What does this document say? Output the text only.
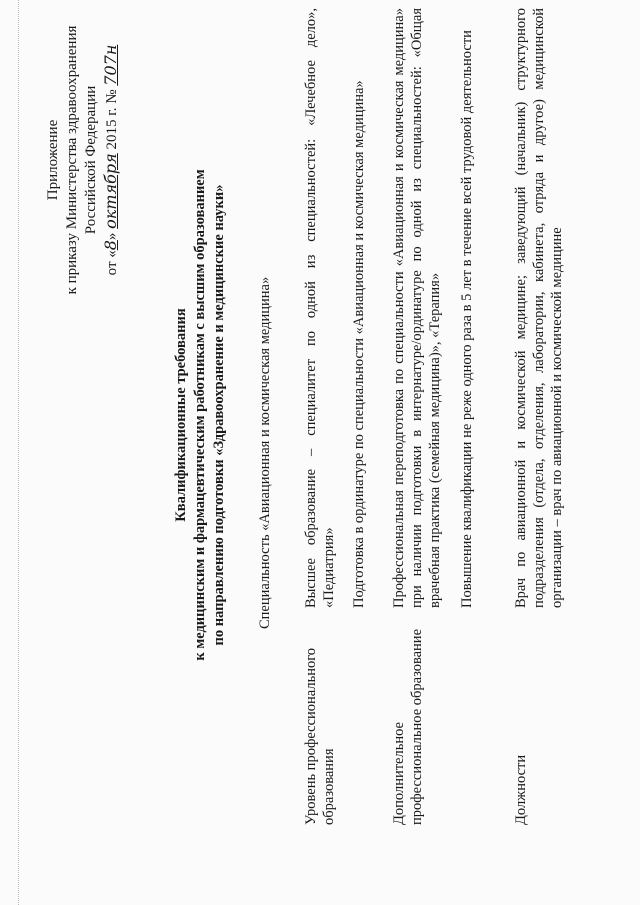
Приложение к приказу Министерства здравоохранения Российской Федерации
от «8» октября 2015 г. № 707н
Квалификационные требования к медицинским и фармацевтическим работникам с высшим образованием по направлению подготовки «Здравоохранение и медицинские науки» Специальность «Авиационная и космическая медицина»
Уровень профессионального образования
Высшее образование – специалитет по одной из специальностей: «Лечебное дело», «Педиатрия» Подготовка в ординатуре по специальности «Авиационная и космическая медицина»
Дополнительное профессиональное образование
Профессиональная переподготовка по специальности «Авиационная и космическая медицина» при наличии подготовки в интернатуре/ординатуре по одной из специальностей: «Общая врачебная практика (семейная медицина)», «Терапия» Повышение квалификации не реже одного раза в 5 лет в течение всей трудовой деятельности
Должности
Врач по авиационной и космической медицине; заведующий (начальник) структурного подразделения (отдела, отделения, лаборатории, кабинета, отряда и другое) медицинской организации – врач по авиационной и космической медицине
